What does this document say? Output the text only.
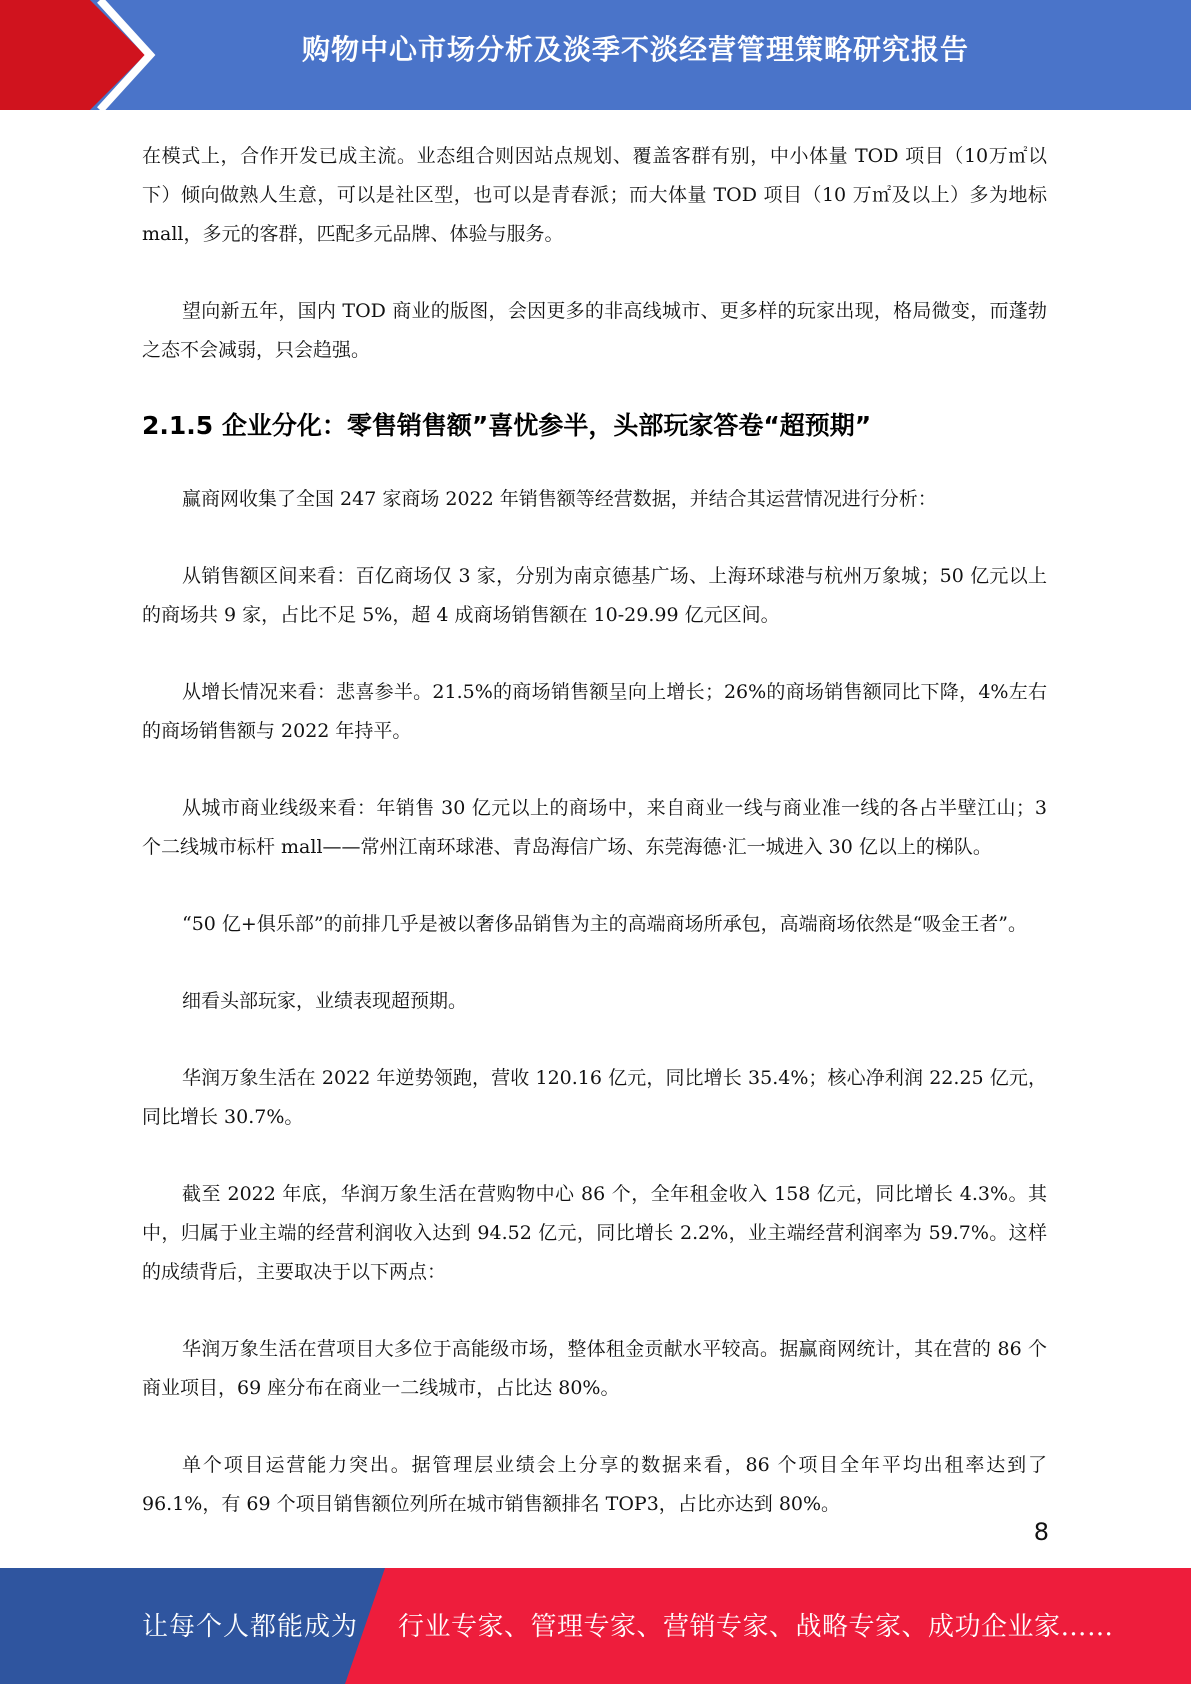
购物中心市场分析及淡季不淡经营管理策略研究报告

在模式上，合作开发已成主流。业态组合则因站点规划、覆盖客群有别，中小体量 TOD 项目（10万㎡以下）倾向做熟人生意，可以是社区型，也可以是青春派；而大体量 TOD 项目（10 万㎡及以上）多为地标 mall，多元的客群，匹配多元品牌、体验与服务。

望向新五年，国内 TOD 商业的版图，会因更多的非高线城市、更多样的玩家出现，格局微变，而蓬勃之态不会减弱，只会趋强。

2.1.5 企业分化：零售销售额”喜忧参半，头部玩家答卷“超预期”

赢商网收集了全国 247 家商场 2022 年销售额等经营数据，并结合其运营情况进行分析：

从销售额区间来看：百亿商场仅 3 家，分别为南京德基广场、上海环球港与杭州万象城；50 亿元以上的商场共 9 家，占比不足 5%，超 4 成商场销售额在 10-29.99 亿元区间。

从增长情况来看：悲喜参半。21.5%的商场销售额呈向上增长；26%的商场销售额同比下降，4%左右的商场销售额与 2022 年持平。

从城市商业线级来看：年销售 30 亿元以上的商场中，来自商业一线与商业准一线的各占半壁江山；3 个二线城市标杆 mall——常州江南环球港、青岛海信广场、东莞海德·汇一城进入 30 亿以上的梯队。

“50 亿+俱乐部”的前排几乎是被以奢侈品销售为主的高端商场所承包，高端商场依然是“吸金王者”。

细看头部玩家，业绩表现超预期。

华润万象生活在 2022 年逆势领跑，营收 120.16 亿元，同比增长 35.4%；核心净利润 22.25 亿元，同比增长 30.7%。

截至 2022 年底，华润万象生活在营购物中心 86 个，全年租金收入 158 亿元，同比增长 4.3%。其中，归属于业主端的经营利润收入达到 94.52 亿元，同比增长 2.2%，业主端经营利润率为 59.7%。这样的成绩背后，主要取决于以下两点：

华润万象生活在营项目大多位于高能级市场，整体租金贡献水平较高。据赢商网统计，其在营的 86 个商业项目，69 座分布在商业一二线城市，占比达 80%。

单个项目运营能力突出。据管理层业绩会上分享的数据来看，86 个项目全年平均出租率达到了 96.1%，有 69 个项目销售额位列所在城市销售额排名 TOP3，占比亦达到 80%。

8
让每个人都能成为 行业专家、管理专家、营销专家、战略专家、成功企业家……
